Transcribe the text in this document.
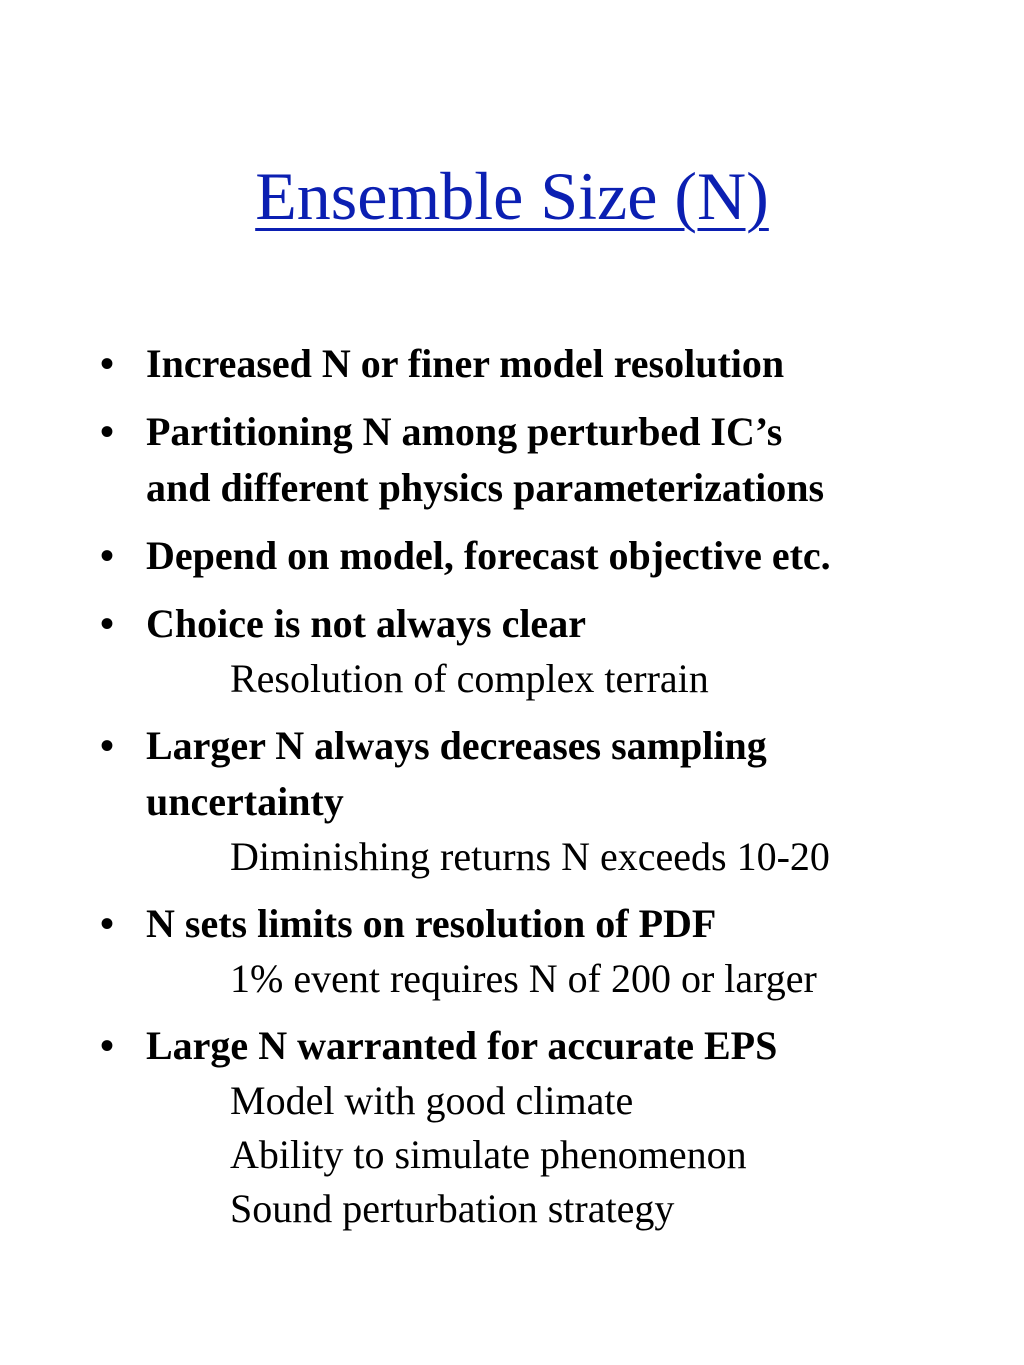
Ensemble Size (N)
• Increased N or finer model resolution
• Partitioning N among perturbed IC’s
and different physics parameterizations
• Depend on model, forecast objective etc.
• Choice is not always clear
Resolution of complex terrain
• Larger N always decreases sampling
uncertainty
Diminishing returns N exceeds 10-20
• N sets limits on resolution of PDF
1% event requires N of 200 or larger
• Large N warranted for accurate EPS
Model with good climate
Ability to simulate phenomenon
Sound perturbation strategy
